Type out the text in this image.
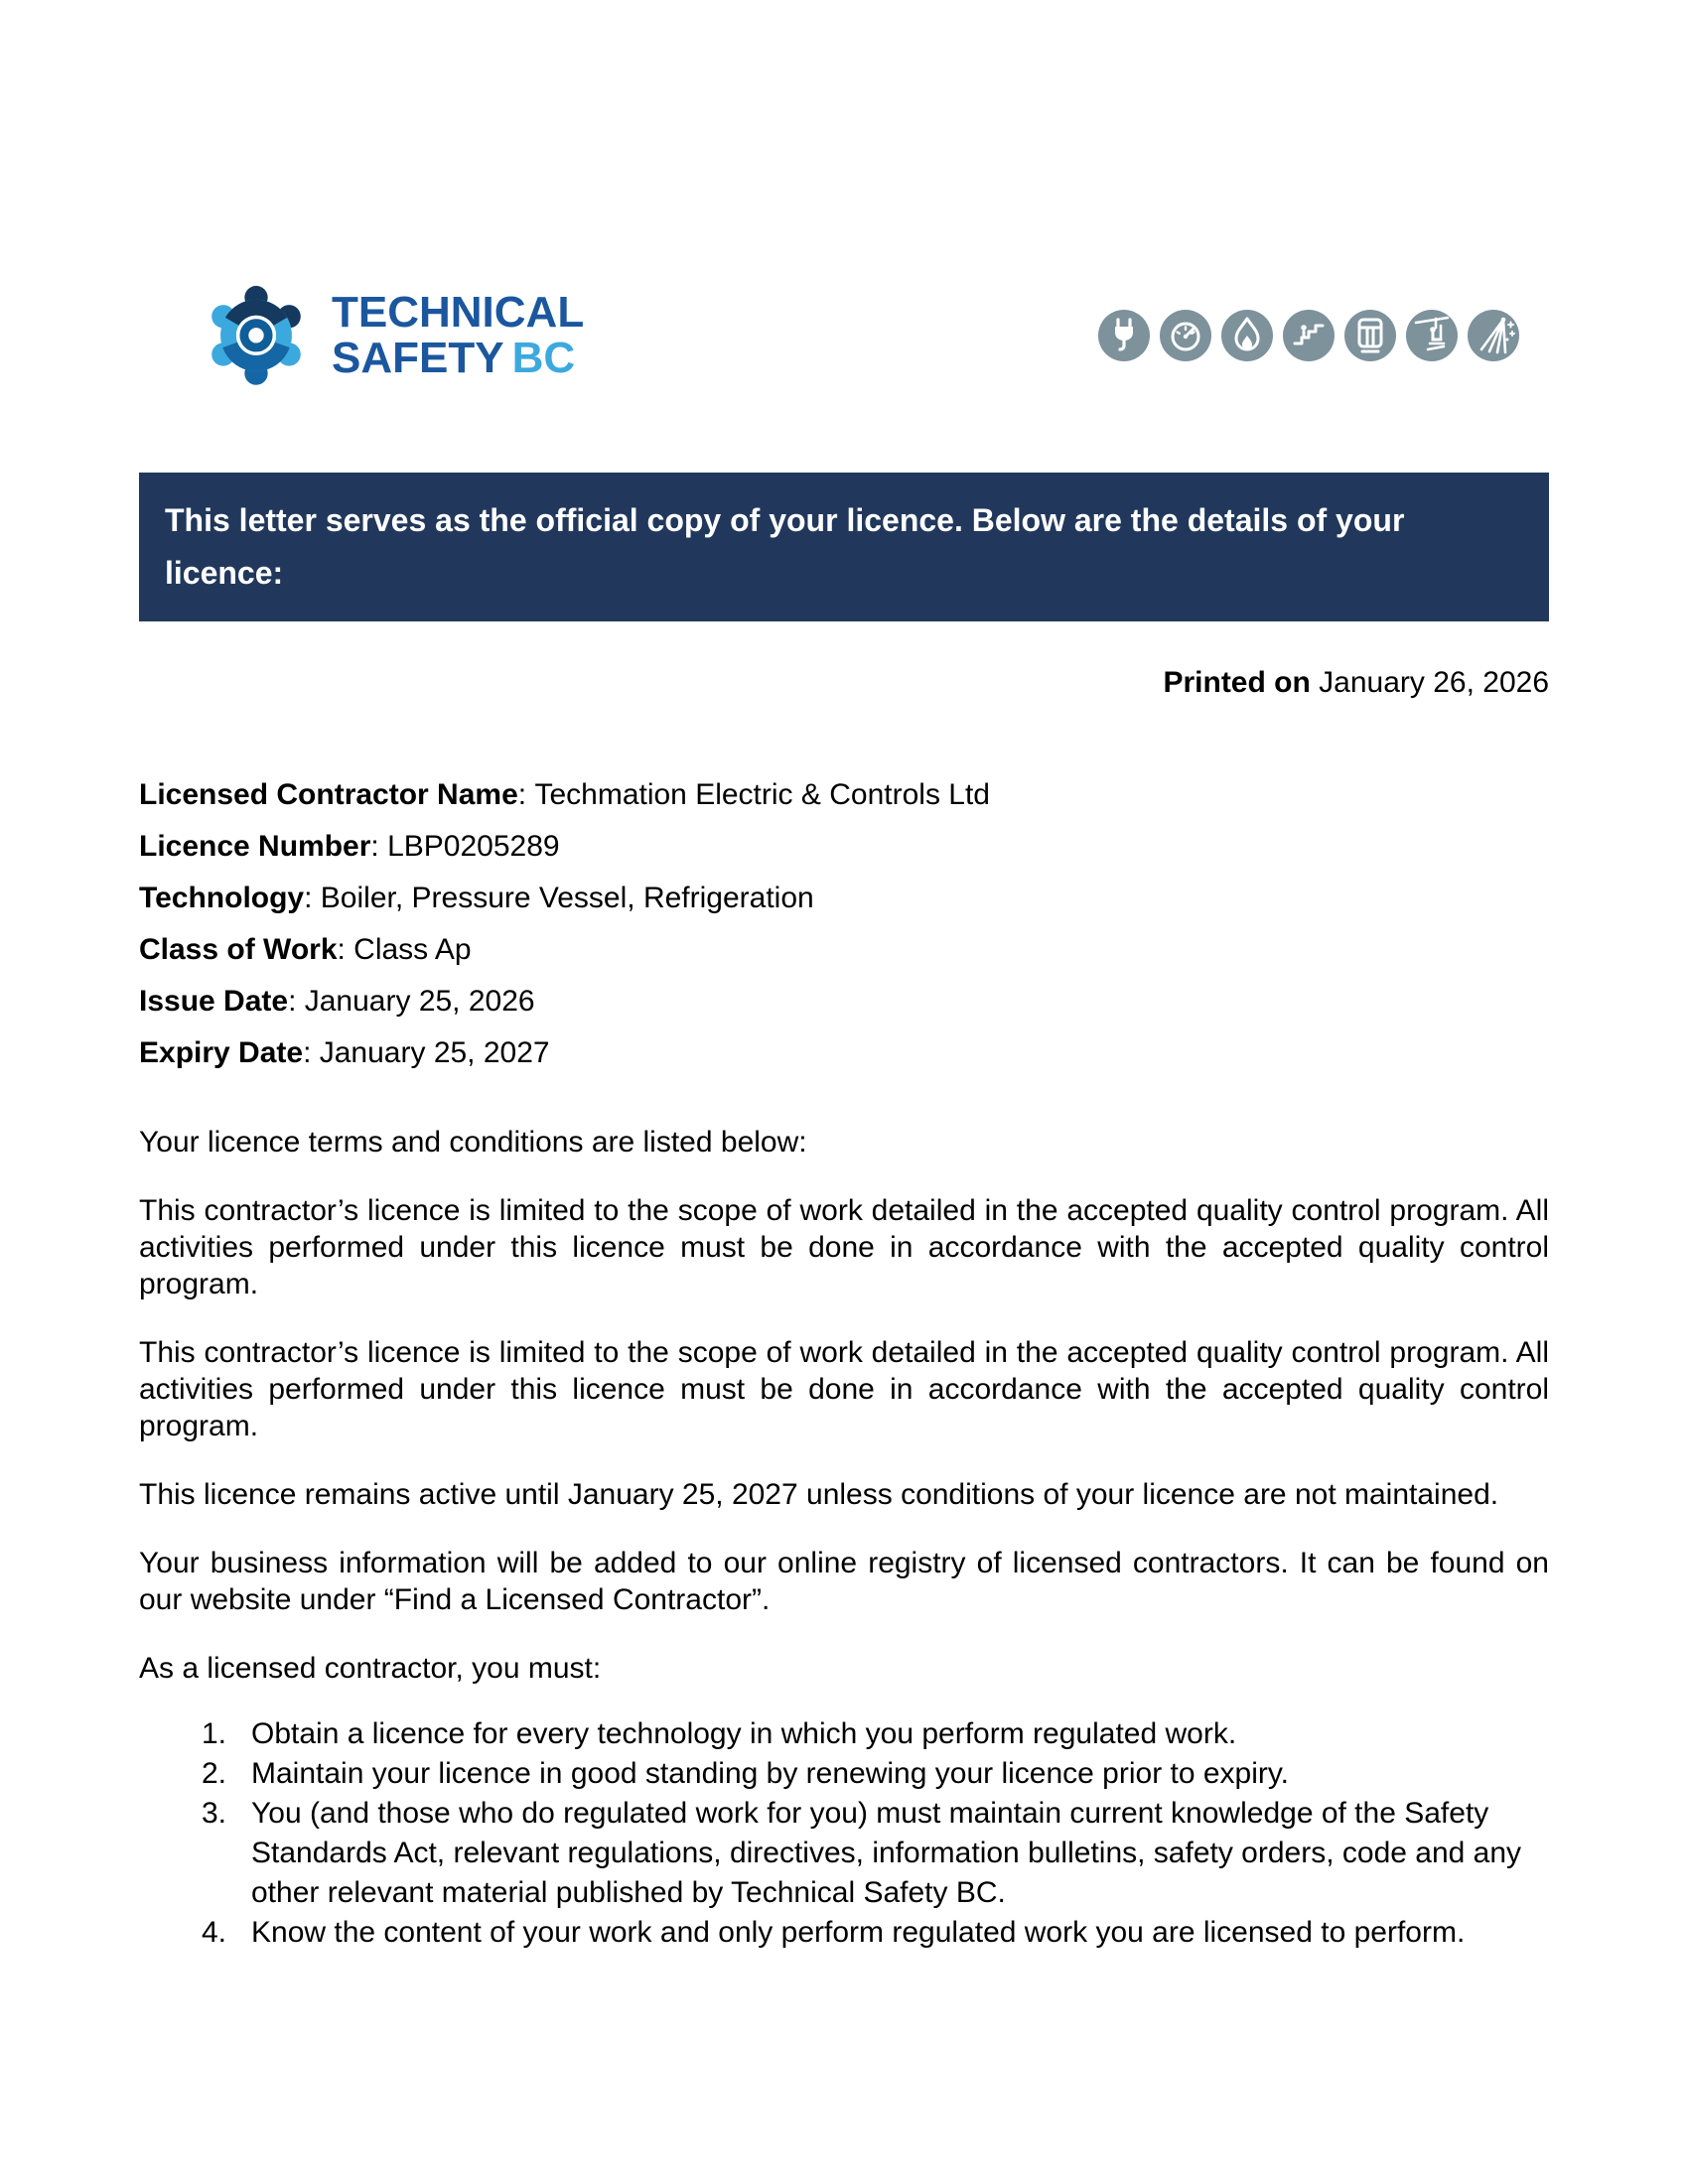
TECHNICAL
SAFETY BC
This letter serves as the official copy of your licence. Below are the details of your licence:
Printed on January 26, 2026
Licensed Contractor Name : Techmation Electric & Controls Ltd
Licence Number : LBP0205289
Technology : Boiler, Pressure Vessel, Refrigeration
Class of Work : Class Ap
Issue Date : January 25, 2026
Expiry Date : January 25, 2027

Your licence terms and conditions are listed below:

This contractor’s licence is limited to the scope of work detailed in the accepted quality control program. All activities performed under this licence must be done in accordance with the accepted quality control program.

This contractor’s licence is limited to the scope of work detailed in the accepted quality control program. All activities performed under this licence must be done in accordance with the accepted quality control program.

This licence remains active until January 25, 2027 unless conditions of your licence are not maintained.

Your business information will be added to our online registry of licensed contractors. It can be found on our website under “Find a Licensed Contractor”.

As a licensed contractor, you must:

1. Obtain a licence for every technology in which you perform regulated work.
2. Maintain your licence in good standing by renewing your licence prior to expiry.
3. You (and those who do regulated work for you) must maintain current knowledge of the Safety Standards Act, relevant regulations, directives, information bulletins, safety orders, code and any other relevant material published by Technical Safety BC.
4. Know the content of your work and only perform regulated work you are licensed to perform.
